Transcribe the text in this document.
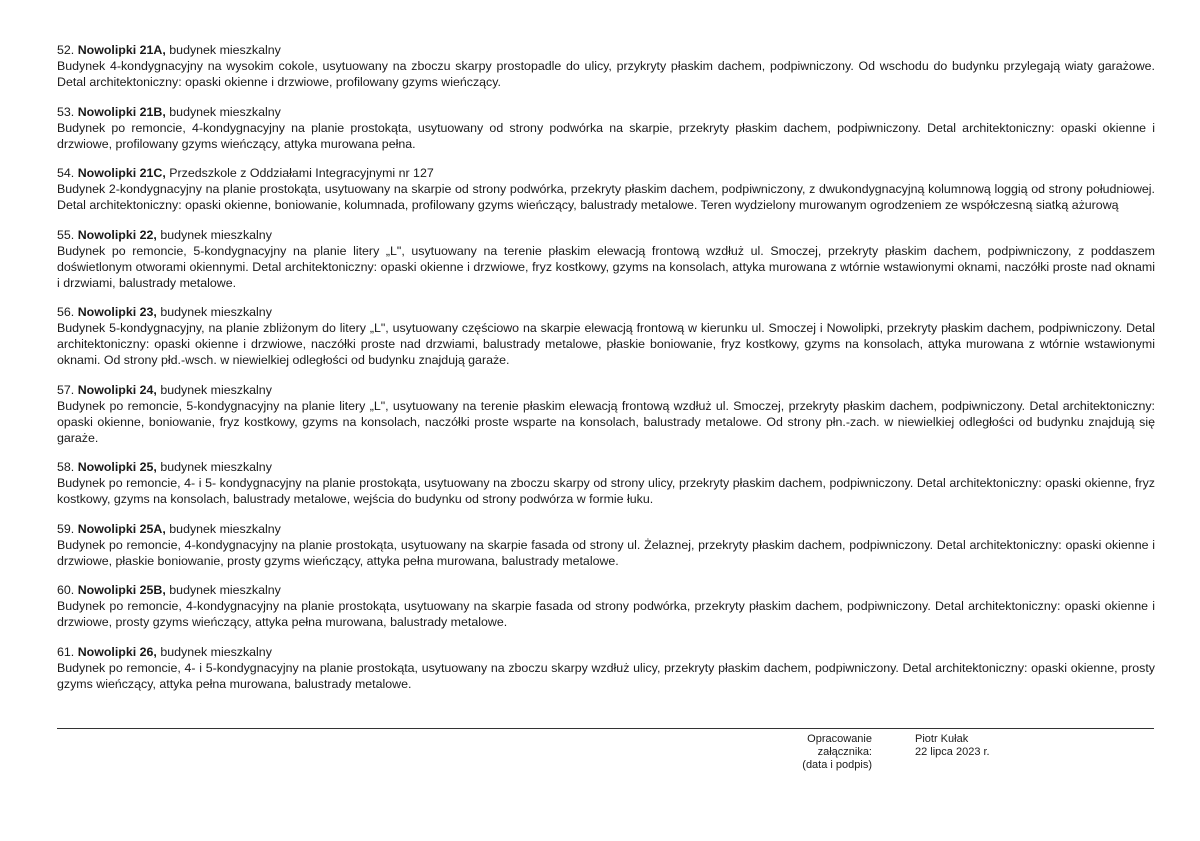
52. Nowolipki 21A, budynek mieszkalny
Budynek 4-kondygnacyjny na wysokim cokole, usytuowany na zboczu skarpy prostopadle do ulicy, przykryty płaskim dachem, podpiwniczony. Od wschodu do budynku przylegają wiaty garażowe. Detal architektoniczny: opaski okienne i drzwiowe, profilowany gzyms wieńczący.
53. Nowolipki 21B, budynek mieszkalny
Budynek po remoncie, 4-kondygnacyjny na planie prostokąta, usytuowany od strony podwórka na skarpie, przekryty płaskim dachem, podpiwniczony. Detal architektoniczny: opaski okienne i drzwiowe, profilowany gzyms wieńczący, attyka murowana pełna.
54. Nowolipki 21C, Przedszkole z Oddziałami Integracyjnymi nr 127
Budynek 2-kondygnacyjny na planie prostokąta, usytuowany na skarpie od strony podwórka, przekryty płaskim dachem, podpiwniczony, z dwukondygnacyjną kolumnową loggią od strony południowej. Detal architektoniczny: opaski okienne, boniowanie, kolumnada, profilowany gzyms wieńczący, balustrady metalowe. Teren wydzielony murowanym ogrodzeniem ze współczesną siatką ażurową
55. Nowolipki 22, budynek mieszkalny
Budynek po remoncie, 5-kondygnacyjny na planie litery „L", usytuowany na terenie płaskim elewacją frontową wzdłuż ul. Smoczej, przekryty płaskim dachem, podpiwniczony, z poddaszem doświetlonym otworami okiennymi. Detal architektoniczny: opaski okienne i drzwiowe, fryz kostkowy, gzyms na konsolach, attyka murowana z wtórnie wstawionymi oknami, naczółki proste nad oknami i drzwiami, balustrady metalowe.
56. Nowolipki 23, budynek mieszkalny
Budynek 5-kondygnacyjny, na planie zbliżonym do litery „L", usytuowany częściowo na skarpie elewacją frontową w kierunku ul. Smoczej i Nowolipki, przekryty płaskim dachem, podpiwniczony. Detal architektoniczny: opaski okienne i drzwiowe, naczółki proste nad drzwiami, balustrady metalowe, płaskie boniowanie, fryz kostkowy, gzyms na konsolach, attyka murowana z wtórnie wstawionymi oknami. Od strony płd.-wsch. w niewielkiej odległości od budynku znajdują garaże.
57. Nowolipki 24, budynek mieszkalny
Budynek po remoncie, 5-kondygnacyjny na planie litery „L", usytuowany na terenie płaskim elewacją frontową wzdłuż ul. Smoczej, przekryty płaskim dachem, podpiwniczony. Detal architektoniczny: opaski okienne, boniowanie, fryz kostkowy, gzyms na konsolach, naczółki proste wsparte na konsolach, balustrady metalowe. Od strony płn.-zach. w niewielkiej odległości od budynku znajdują się garaże.
58. Nowolipki 25, budynek mieszkalny
Budynek po remoncie, 4- i 5- kondygnacyjny na planie prostokąta, usytuowany na zboczu skarpy od strony ulicy, przekryty płaskim dachem, podpiwniczony. Detal architektoniczny: opaski okienne, fryz kostkowy, gzyms na konsolach, balustrady metalowe, wejścia do budynku od strony podwórza w formie łuku.
59. Nowolipki 25A, budynek mieszkalny
Budynek po remoncie, 4-kondygnacyjny na planie prostokąta, usytuowany na skarpie fasada od strony ul. Żelaznej, przekryty płaskim dachem, podpiwniczony. Detal architektoniczny: opaski okienne i drzwiowe, płaskie boniowanie, prosty gzyms wieńczący, attyka pełna murowana, balustrady metalowe.
60. Nowolipki 25B, budynek mieszkalny
Budynek po remoncie, 4-kondygnacyjny na planie prostokąta, usytuowany na skarpie fasada od strony podwórka, przekryty płaskim dachem, podpiwniczony. Detal architektoniczny: opaski okienne i drzwiowe, prosty gzyms wieńczący, attyka pełna murowana, balustrady metalowe.
61. Nowolipki 26, budynek mieszkalny
Budynek po remoncie, 4- i 5-kondygnacyjny na planie prostokąta, usytuowany na zboczu skarpy wzdłuż ulicy, przekryty płaskim dachem, podpiwniczony. Detal architektoniczny: opaski okienne, prosty gzyms wieńczący, attyka pełna murowana, balustrady metalowe.
Opracowanie załącznika:
(data i podpis)
Piotr Kułak
22 lipca 2023 r.
